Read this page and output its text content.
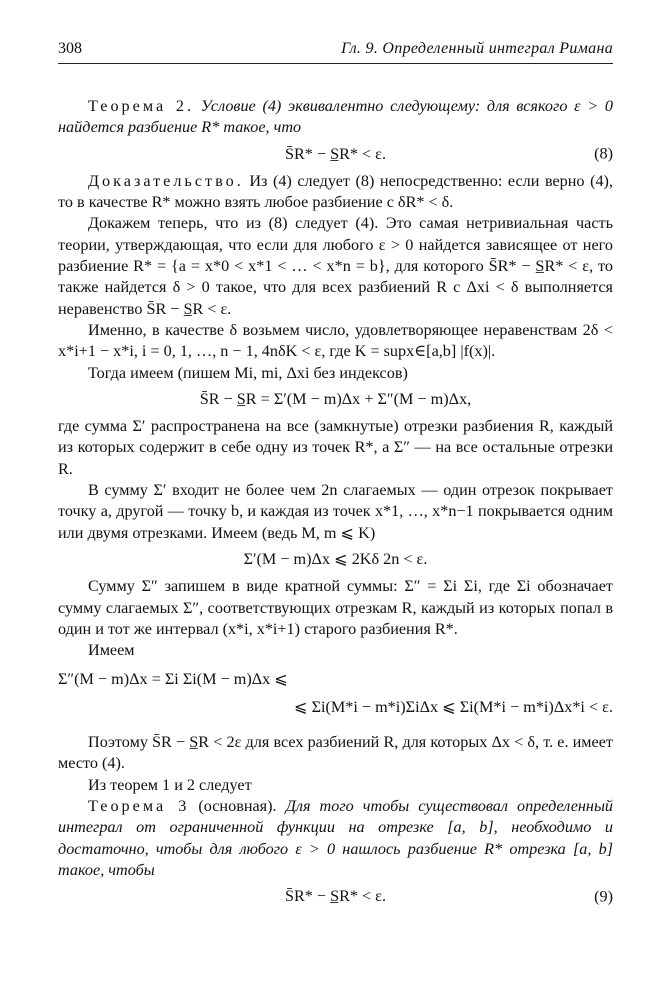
308	Гл. 9. Определенный интеграл Римана

Теорема 2. Условие (4) эквивалентно следующему: для всякого ε > 0 найдется разбиение R* такое, что

S̄R* − S̲R* < ε.	(8)

Доказательство. Из (4) следует (8) непосредственно: если верно (4), то в качестве R* можно взять любое разбиение с δR* < δ.

Докажем теперь, что из (8) следует (4). Это самая нетривиальная часть теории, утверждающая, что если для любого ε > 0 найдется зависящее от него разбиение R* = {a = x*0 < x*1 < … < x*n = b}, для которого S̄R* − S̲R* < ε, то также найдется δ > 0 такое, что для всех разбиений R с Δxi < δ выполняется неравенство S̄R − S̲R < ε.

Именно, в качестве δ возьмем число, удовлетворяющее неравенствам 2δ < x*i+1 − x*i, i = 0, 1, …, n − 1, 4nδK < ε, где K = supx∈[a,b] |f(x)|.

Тогда имеем (пишем Mi, mi, Δxi без индексов)

S̄R − S̲R = Σ′(M − m)Δx + Σ″(M − m)Δx,

где сумма Σ′ распространена на все (замкнутые) отрезки разбиения R, каждый из которых содержит в себе одну из точек R*, а Σ″ — на все остальные отрезки R.

В сумму Σ′ входит не более чем 2n слагаемых — один отрезок покрывает точку a, другой — точку b, и каждая из точек x*1, …, x*n−1 покрывается одним или двумя отрезками. Имеем (ведь M, m ⩽ K)

Σ′(M − m)Δx ⩽ 2Kδ 2n < ε.

Сумму Σ″ запишем в виде кратной суммы: Σ″ = Σi Σi, где Σi обозначает сумму слагаемых Σ″, соответствующих отрезкам R, каждый из которых попал в один и тот же интервал (x*i, x*i+1) старого разбиения R*.

Имеем

Σ″(M − m)Δx = Σi Σi(M − m)Δx ⩽
⩽ Σi(M*i − m*i)ΣiΔx ⩽ Σi(M*i − m*i)Δx*i < ε.

Поэтому S̄R − S̲R < 2ε для всех разбиений R, для которых Δx < δ, т. е. имеет место (4).

Из теорем 1 и 2 следует

Теорема 3 (основная). Для того чтобы существовал определенный интеграл от ограниченной функции на отрезке [a, b], необходимо и достаточно, чтобы для любого ε > 0 нашлось разбиение R* отрезка [a, b] такое, чтобы

S̄R* − S̲R* < ε.	(9)
